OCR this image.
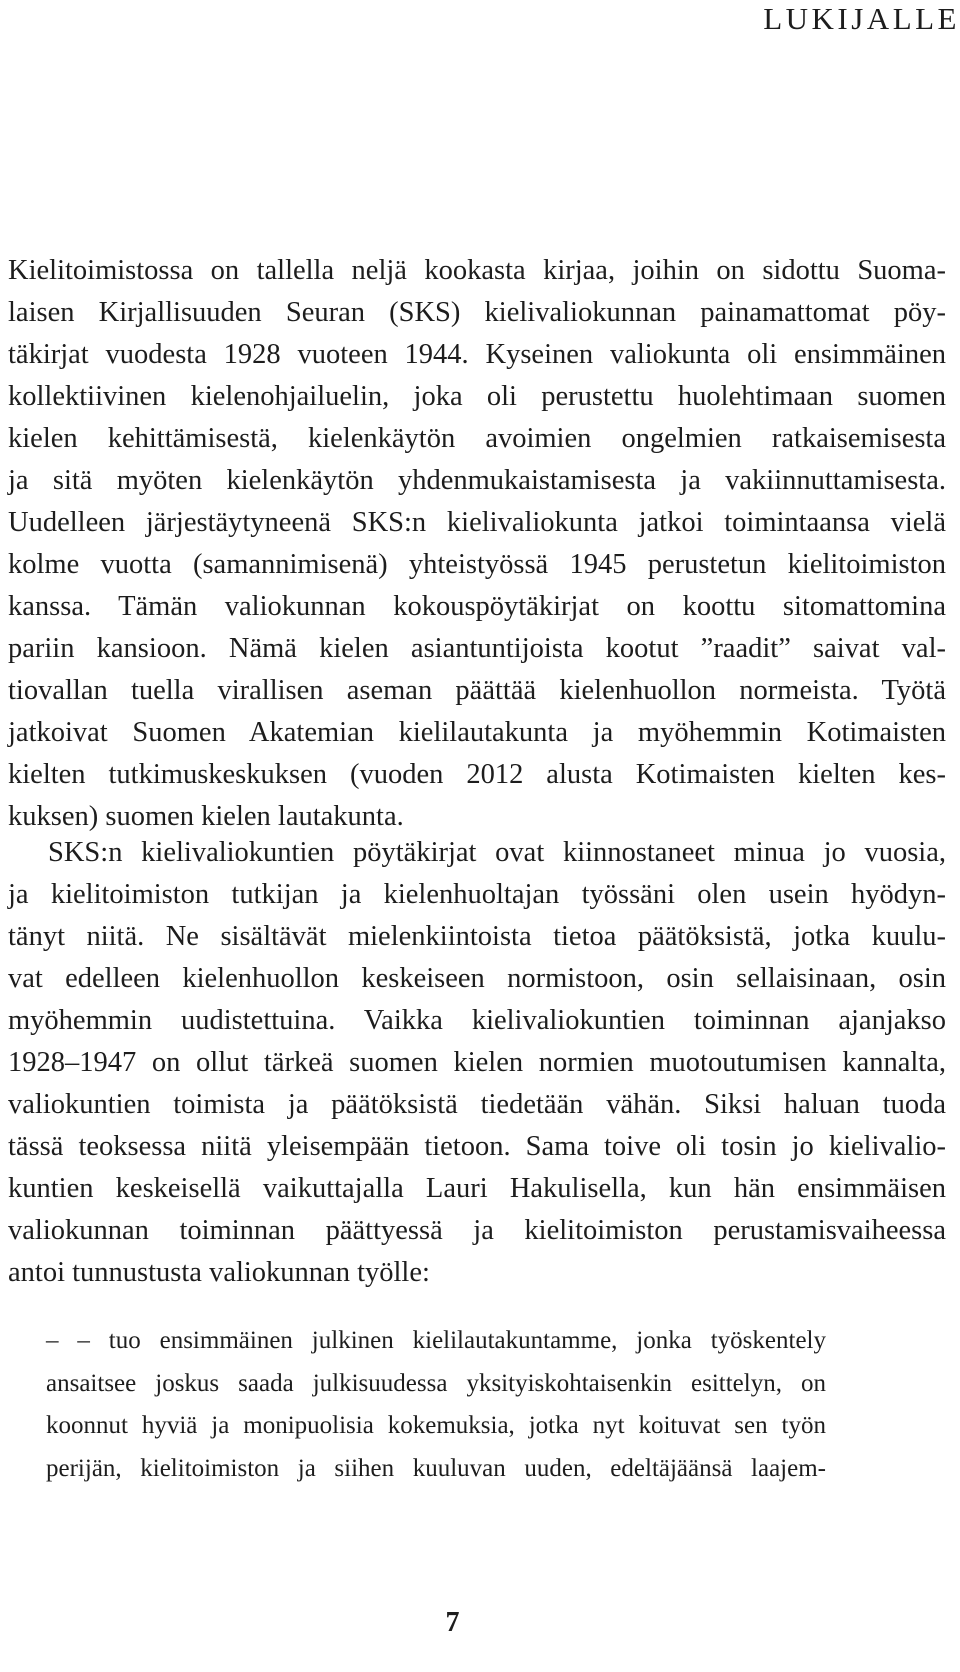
LUKIJALLE
Kielitoimistossa on tallella neljä kookasta kirjaa, joihin on sidottu Suoma-
laisen Kirjallisuuden Seuran (SKS) kielivaliokunnan painamattomat pöy-
täkirjat vuodesta 1928 vuoteen 1944. Kyseinen valiokunta oli ensimmäinen
kollektiivinen kielenohjailuelin, joka oli perustettu huolehtimaan suomen
kielen kehittämisestä, kielenkäytön avoimien ongelmien ratkaisemisesta
ja sitä myöten kielenkäytön yhdenmukaistamisesta ja vakiinnuttamisesta.
Uudelleen järjestäytyneenä SKS:n kielivaliokunta jatkoi toimintaansa vielä
kolme vuotta (samannimisenä) yhteistyössä 1945 perustetun kielitoimiston
kanssa. Tämän valiokunnan kokouspöytäkirjat on koottu sitomattomina
pariin kansioon. Nämä kielen asiantuntijoista kootut ”raadit” saivat val-
tiovallan tuella virallisen aseman päättää kielenhuollon normeista. Työtä
jatkoivat Suomen Akatemian kielilautakunta ja myöhemmin Kotimaisten
kielten tutkimuskeskuksen (vuoden 2012 alusta Kotimaisten kielten kes-
kuksen) suomen kielen lautakunta.
SKS:n kielivaliokuntien pöytäkirjat ovat kiinnostaneet minua jo vuosia,
ja kielitoimiston tutkijan ja kielenhuoltajan työssäni olen usein hyödyn-
tänyt niitä. Ne sisältävät mielenkiintoista tietoa päätöksistä, jotka kuulu-
vat edelleen kielenhuollon keskeiseen normistoon, osin sellaisinaan, osin
myöhemmin uudistettuina. Vaikka kielivaliokuntien toiminnan ajanjakso
1928–1947 on ollut tärkeä suomen kielen normien muotoutumisen kannalta,
valiokuntien toimista ja päätöksistä tiedetään vähän. Siksi haluan tuoda
tässä teoksessa niitä yleisempään tietoon. Sama toive oli tosin jo kielivalio-
kuntien keskeisellä vaikuttajalla Lauri Hakulisella, kun hän ensimmäisen
valiokunnan toiminnan päättyessä ja kielitoimiston perustamisvaiheessa
antoi tunnustusta valiokunnan työlle:
– – tuo ensimmäinen julkinen kielilautakuntamme, jonka työskentely
ansaitsee joskus saada julkisuudessa yksityiskohtaisenkin esittelyn, on
koonnut hyviä ja monipuolisia kokemuksia, jotka nyt koituvat sen työn
perijän, kielitoimiston ja siihen kuuluvan uuden, edeltäjäänsä laajem-
7
